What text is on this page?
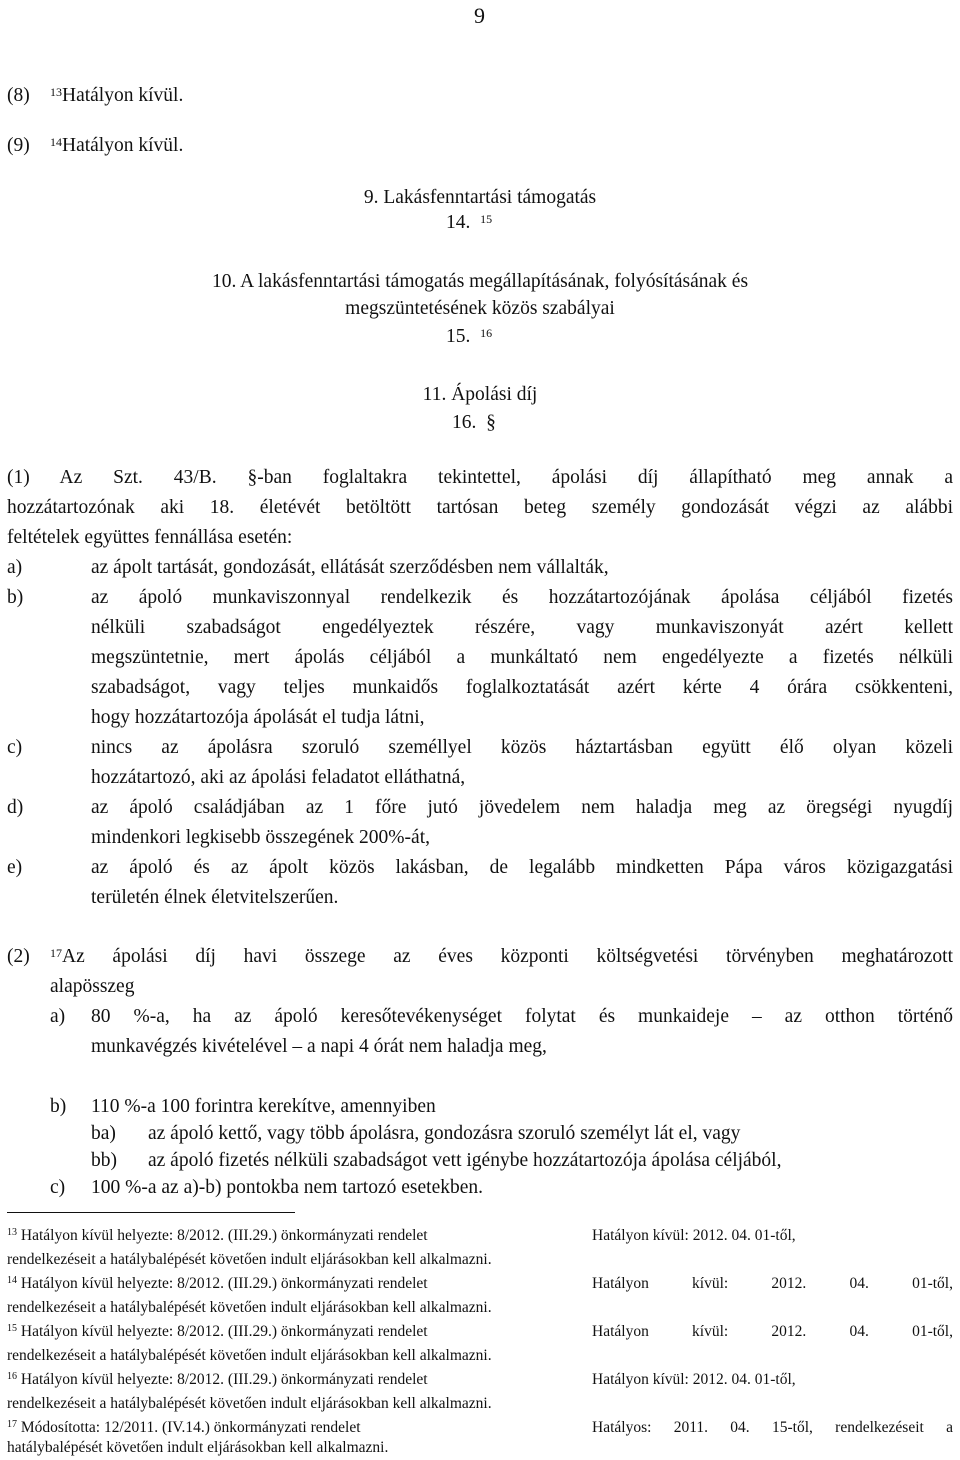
9
(8) $^{13}$Hatályon kívül.
(9) $^{14}$Hatályon kívül.
9. Lakásfenntartási támogatás
14. $^{15}$
10. A lakásfenntartási támogatás megállapításának, folyósításának és
megszüntetésének közös szabályai
15. $^{16}$
11. Ápolási díj
16.  §
(1) Az Szt. 43/B. §-ban foglaltakra tekintettel, ápolási díj állapítható meg annak a
hozzátartozónak aki 18. életévét betöltött tartósan beteg személy gondozását végzi az alábbi
feltételek együttes fennállása esetén:
a)	az ápolt tartását, gondozását, ellátását szerződésben nem vállalták,
b)	az ápoló munkaviszonnyal rendelkezik és hozzátartozójának ápolása céljából fizetés
nélküli szabadságot engedélyeztek részére, vagy munkaviszonyát azért kellett
megszüntetnie, mert ápolás céljából a munkáltató nem engedélyezte a fizetés nélküli
szabadságot, vagy teljes munkaidős foglalkoztatását azért kérte 4 órára csökkenteni,
hogy hozzátartozója ápolását el tudja látni,
c)	nincs az ápolásra szoruló személlyel közös háztartásban együtt élő olyan közeli
hozzátartozó, aki az ápolási feladatot elláthatná,
d)	az ápoló családjában az 1 főre jutó jövedelem nem haladja meg az öregségi nyugdíj
mindenkori legkisebb összegének 200%-át,
e)	az ápoló és az ápolt közös lakásban, de legalább mindketten Pápa város közigazgatási
területén élnek életvitelszerűen.
(2) $^{17}$Az ápolási díj havi összege az éves központi költségvetési törvényben meghatározott
alapösszeg
a) 80 %-a, ha az ápoló keresőtevékenységet folytat és munkaideje – az otthon történő
munkavégzés kivételével – a napi 4 órát nem haladja meg,
b) 110 %-a 100 forintra kerekítve, amennyiben
ba) az ápoló kettő, vagy több ápolásra, gondozásra szoruló személyt lát el, vagy
bb) az ápoló fizetés nélküli szabadságot vett igénybe hozzátartozója ápolása céljából,
c) 100 %-a az a)-b) pontokba nem tartozó esetekben.
$^{13}$ Hatályon kívül helyezte: 8/2012. (III.29.) önkormányzati rendelet	Hatályon kívül: 2012. 04. 01-től,
rendelkezéseit a hatálybalépését követően indult eljárásokban kell alkalmazni.
$^{14}$ Hatályon kívül helyezte: 8/2012. (III.29.) önkormányzati rendelet	Hatályon kívül: 2012. 04. 01-től,
rendelkezéseit a hatálybalépését követően indult eljárásokban kell alkalmazni.
$^{15}$ Hatályon kívül helyezte: 8/2012. (III.29.) önkormányzati rendelet	Hatályon kívül: 2012. 04. 01-től,
rendelkezéseit a hatálybalépését követően indult eljárásokban kell alkalmazni.
$^{16}$ Hatályon kívül helyezte: 8/2012. (III.29.) önkormányzati rendelet	Hatályon kívül: 2012. 04. 01-től,
rendelkezéseit a hatálybalépését követően indult eljárásokban kell alkalmazni.
$^{17}$ Módosította: 12/2011. (IV.14.) önkormányzati rendelet	Hatályos: 2011. 04. 15-től, rendelkezéseit a
hatálybalépését követően indult eljárásokban kell alkalmazni.
